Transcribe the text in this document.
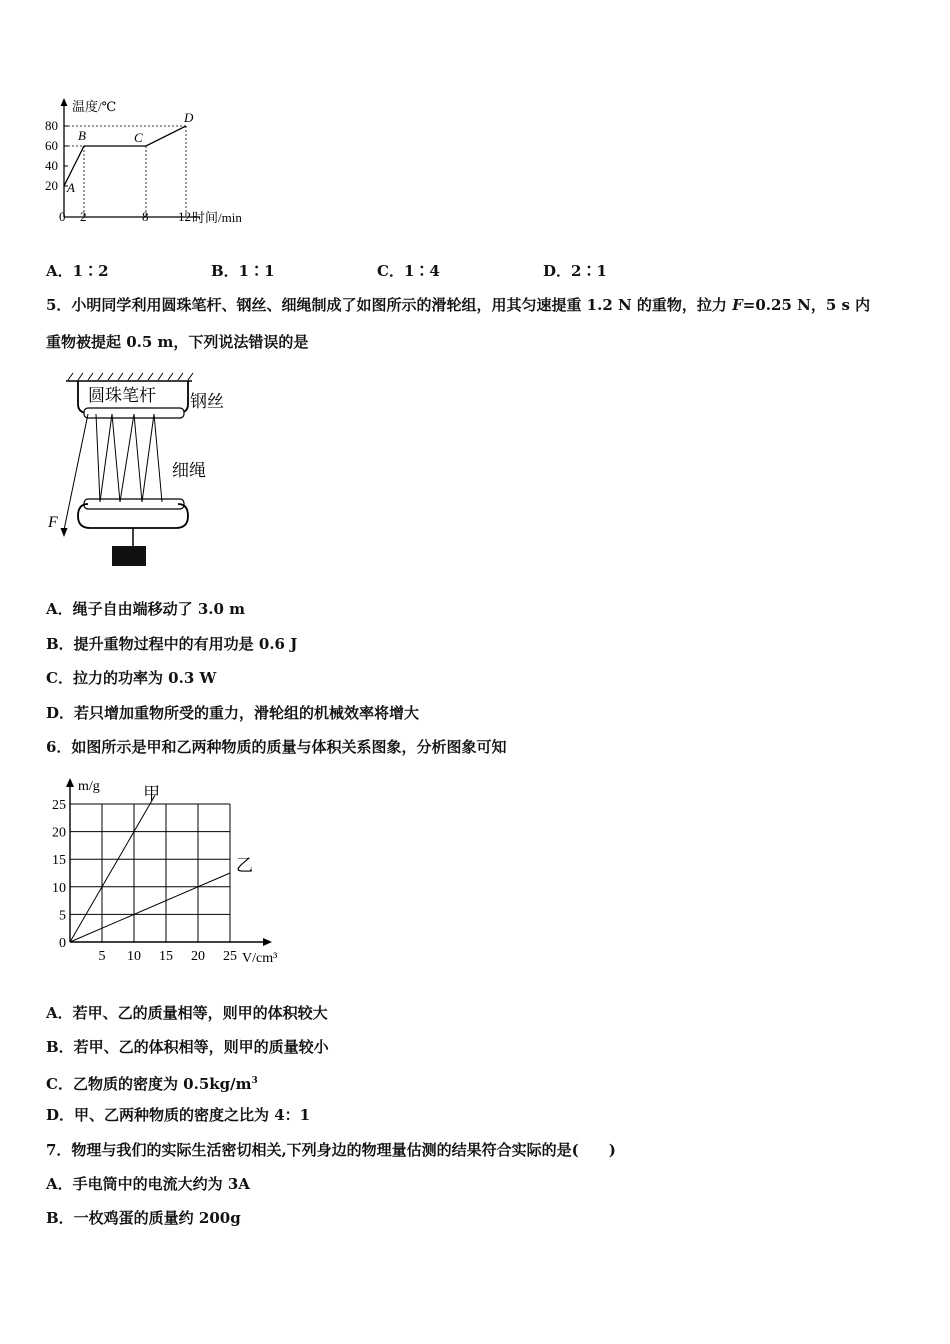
温度/℃
时间/min
80
60
40
20
0 2	8 12
A
B	C
D
A．1∶2	B．1∶1	C．1∶4	D．2∶1
5．小明同学利用圆珠笔杆、钢丝、细绳制成了如图所示的滑轮组，用其匀速提重 1.2 N 的重物，拉力 F=0.25 N，5 s 内
重物被提起 0.5 m，下列说法错误的是
圆珠笔杆 钢丝
细绳
F
A．绳子自由端移动了 3.0 m
B．提升重物过程中的有用功是 0.6 J
C．拉力的功率为 0.3 W
D．若只增加重物所受的重力，滑轮组的机械效率将增大
6．如图所示是甲和乙两种物质的质量与体积关系图象，分析图象可知
甲
乙
5 10 15 20 25
25
20
15
10
5
0
V/cm³
m/g
A．若甲、乙的质量相等，则甲的体积较大
B．若甲、乙的体积相等，则甲的质量较小
C．乙物质的密度为 $0.5kg/m^3$
D．甲、乙两种物质的密度之比为 4：1
7．物理与我们的实际生活密切相关,下列身边的物理量估测的结果符合实际的是(　　)
A．手电筒中的电流大约为 3A
B．一枚鸡蛋的质量约 200g
